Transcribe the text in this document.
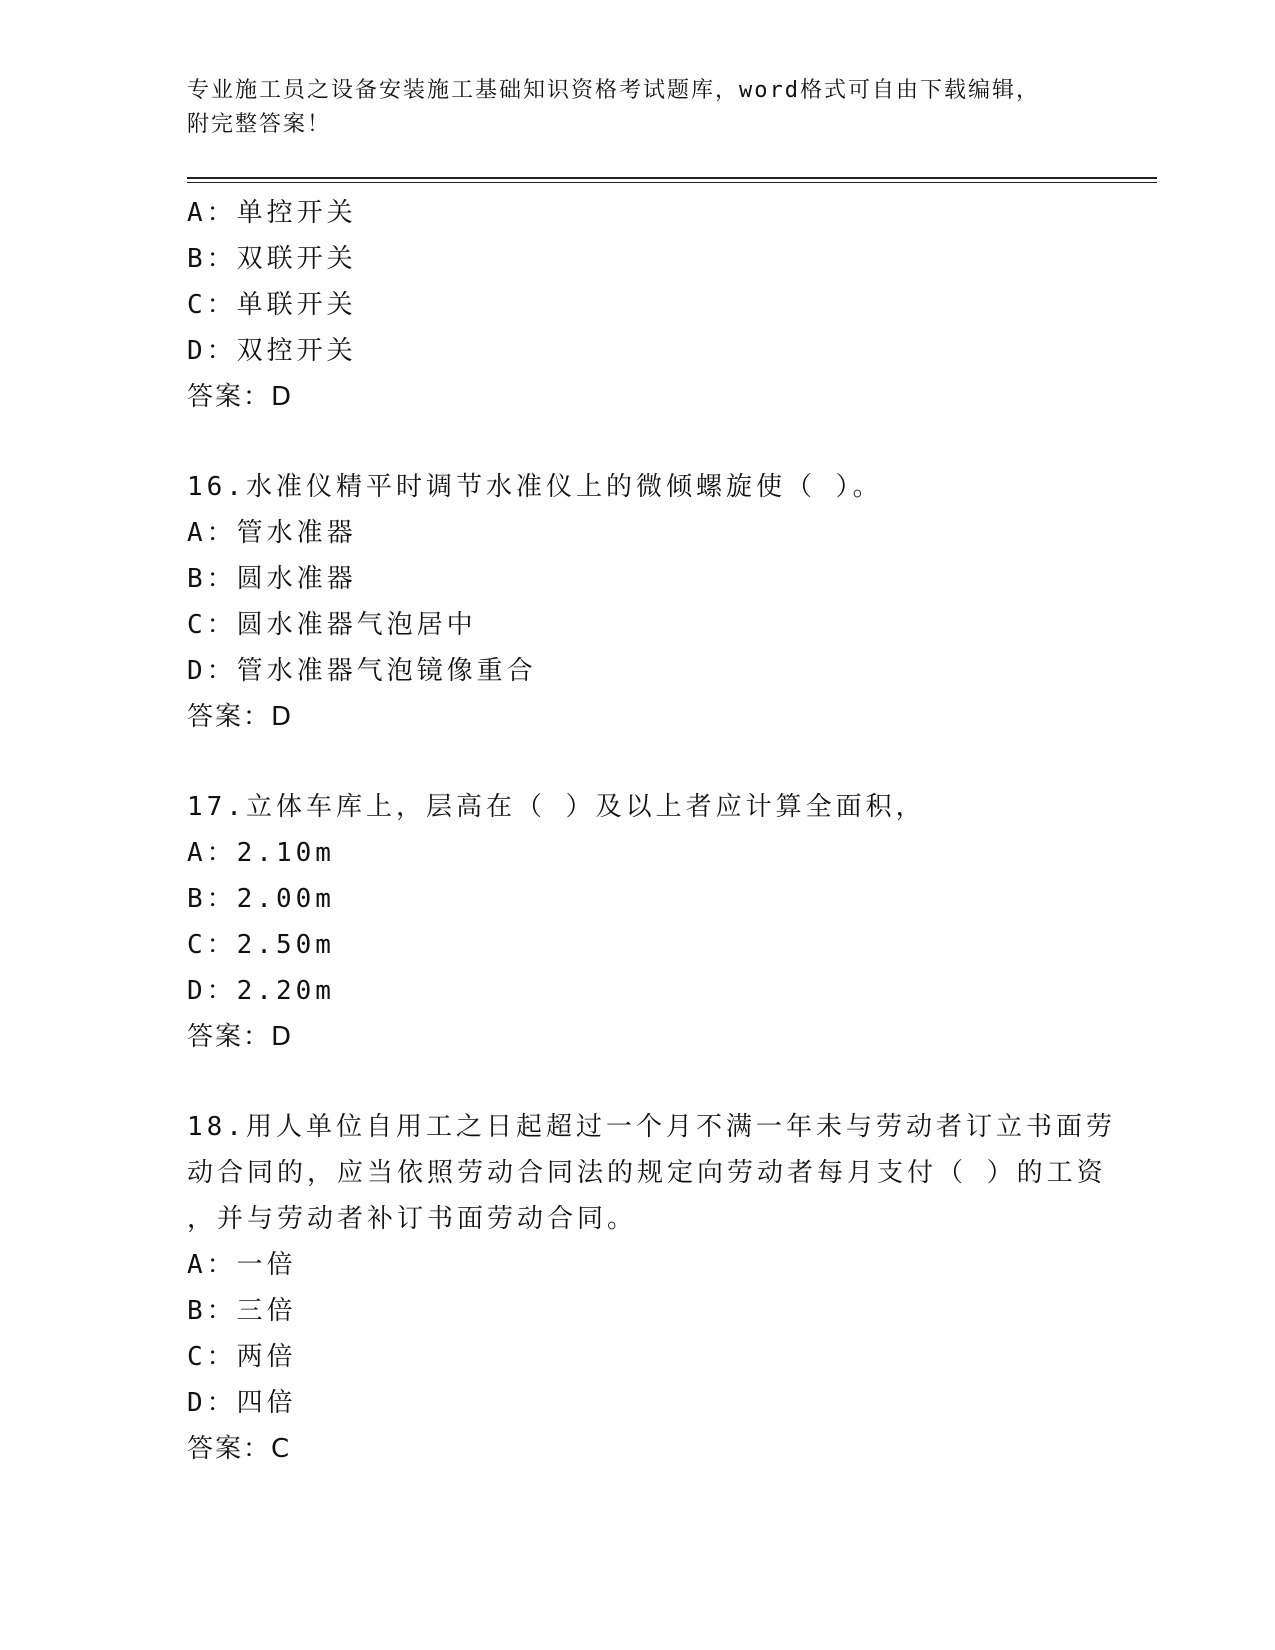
专业施工员之设备安装施工基础知识资格考试题库，word格式可自由下载编辑，
附完整答案！
A：单控开关
B：双联开关
C：单联开关
D：双控开关
答案：D
16.水准仪精平时调节水准仪上的微倾螺旋使（ ）。
A：管水准器
B：圆水准器
C：圆水准器气泡居中
D：管水准器气泡镜像重合
答案：D
17.立体车库上，层高在（ ）及以上者应计算全面积，
A：2.10m
B：2.00m
C：2.50m
D：2.20m
答案：D
18.用人单位自用工之日起超过一个月不满一年未与劳动者订立书面劳
动合同的，应当依照劳动合同法的规定向劳动者每月支付（ ）的工资
，并与劳动者补订书面劳动合同。
A：一倍
B：三倍
C：两倍
D：四倍
答案：C
